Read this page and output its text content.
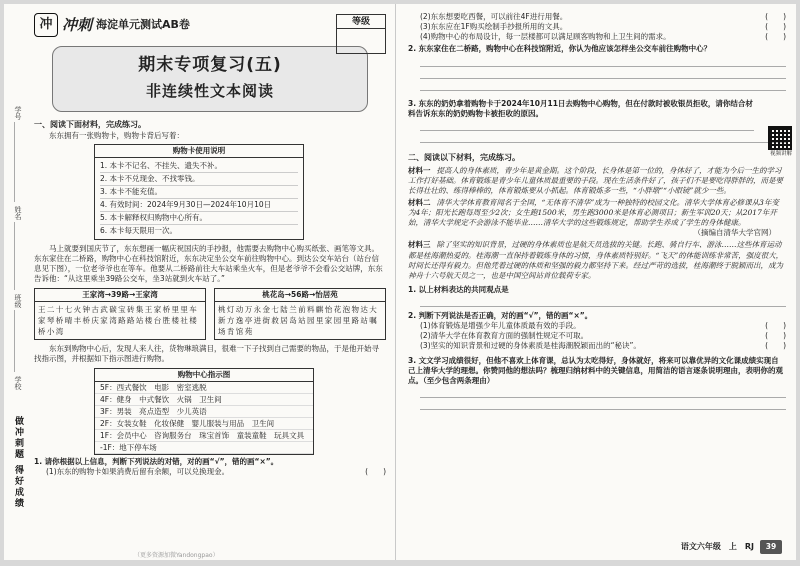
学号
姓名
班级
学校
做冲刺题 得好成绩
冲 冲刺 海淀单元测试AB卷	等级
期末专项复习(五)
非连续性文本阅读
一、阅读下面材料，完成练习。

东东拥有一张购物卡，购物卡背后写着：

购物卡使用说明
1. 本卡不记名、不挂失、遗失不补。
2. 本卡不兑现金、不找零钱。
3. 本卡不能充值。
4. 有效时间：2024年9月30日—2024年10月10日
5. 本卡解释权归购物中心所有。
6. 本卡每天限用一次。

马上就要到国庆节了，东东想画一幅庆祝国庆的手抄报，他需要去购物中心购买纸张、画笔等文具。东东家住在二桥路，购物中心在科技馆附近，东东决定坐公交车前往购物中心。到达公交车站台（站台信息见下图），一位老爷爷也在等车。他要从二桥路前往大车站乘坐火车，但是老爷爷不会看公交站牌，东东告诉他：“从这里乘坐39路公交车，坐3站就到火车站了。”

王家湾→39路→王家湾
王二十七火钟古武碳宝砖集王家桥里里车家琴桥晴丰桥庆家湾路路站楼台胜楼社楼桥小湾
桃花岛→56路→怡居苑
桃灯动万永金七陆兰前料麒怡花泡物达大新方逸亭进街救居岛站园里家园里路站嘱场肯馆苑

东东到购物中心后，发现人来人往，货物琳琅满目，很难一下子找到自己需要的物品，于是他开始寻找指示图，并根据如下指示图进行购物。

购物中心指示图
5F：西式餐饮　电影　密室逃脱
4F：健身　中式餐饮　火锅　卫生间
3F：男装　亮点造型　少儿英语
2F：女装女鞋　化妆保健　婴儿服装与用品　卫生间
1F：会员中心　咨询服务台　珠宝首饰　童装童鞋　玩具文具
-1F：地下停车场
1. 请你根据以上信息，判断下列说法的对错，对的画“√”，错的画“×”。
(1)东东的购物卡如果消费后留有余额，可以兑换现金。	(　　)
（更多资源加微Yandongpao）
(2)东东想要吃西餐，可以前往4F进行用餐。	(　　)
(3)东东应在1F购买绘制手抄报所用的文具。	(　　)
(4)购物中心的布局设计，每一层楼都可以满足顾客购物和上卫生间的需求。	(　　)
2. 东东家住在二桥路，购物中心在科技馆附近，你认为他应该怎样坐公交车前往购物中心？
3. 东东的奶奶拿着购物卡于2024年10月11日去购物中心购物，但在付款时被收银员拒收，请你结合材料告诉东东的奶奶购物卡被拒收的原因。
二、阅读以下材料，完成练习。
材料一 提高人的身体素质，青少年是黄金期。这个阶段，长身体是第一位的，身体好了，才能为今后一生的学习工作打好基础。体育锻炼是青少年儿童体质最重要的手段。现在生活条件好了，孩子们不是要吃得胖胖的，而是要长得壮壮的、练得棒棒的，体育锻炼要从小抓起。体育锻炼多一些，“小胖墩”“小眼镜”就少一些。
材料二 清华大学体育教育闻名于全国，“无体育不清华”成为一种独特的校园文化。清华大学体育必修课从3年变为4年；阳光长跑每周至少2次；女生跑1500米，男生跑3000米是体育必测项目；新生军训20天；从2017年开始，清华大学规定不会游泳不能毕业……清华大学的这些锻炼规定，帮助学生养成了学生的身体健康。
（摘编自清华大学官网）
材料三 除了坚实的知识背景，过硬的身体素质也是航天员选拔的关键。长跑、骑自行车、游泳……这些体育运动都是桂海潮热爱的。桂海潮一直保持着锻炼身体的习惯，身体素质特别好。“飞天”的体能训练非常苦，强度很大，时间长还得有毅力。但他凭着过硬的体质和坚强的毅力都坚持下来。经过严苛的选拔，桂海潮终于脱颖而出，成为神舟十六号航天员之一，也是中国空间站首位载荷专家。
1. 以上材料表达的共同观点是
2. 判断下列说法是否正确，对的画“√”，错的画“×”。
(1)体育锻炼是增强少年儿童体质最有效的手段。	(　　)
(2)清华大学在体育教育方面的强制性规定不可取。	(　　)
(3)坚实的知识背景和过硬的身体素质是桂海潮脱颖而出的“秘诀”。	(　　)
3. 文文学习成绩很好，但他不喜欢上体育课，总认为太吃得好，身体就好，将来可以靠优异的文化课成绩实现自己上清华大学的理想。你赞同他的想法吗？梳理归纳材料中的关键信息，用简洁的语言逐条说明理由，表明你的观点。（至少包含两条理由）
视频讲解
语文六年级　上　RJ	39
